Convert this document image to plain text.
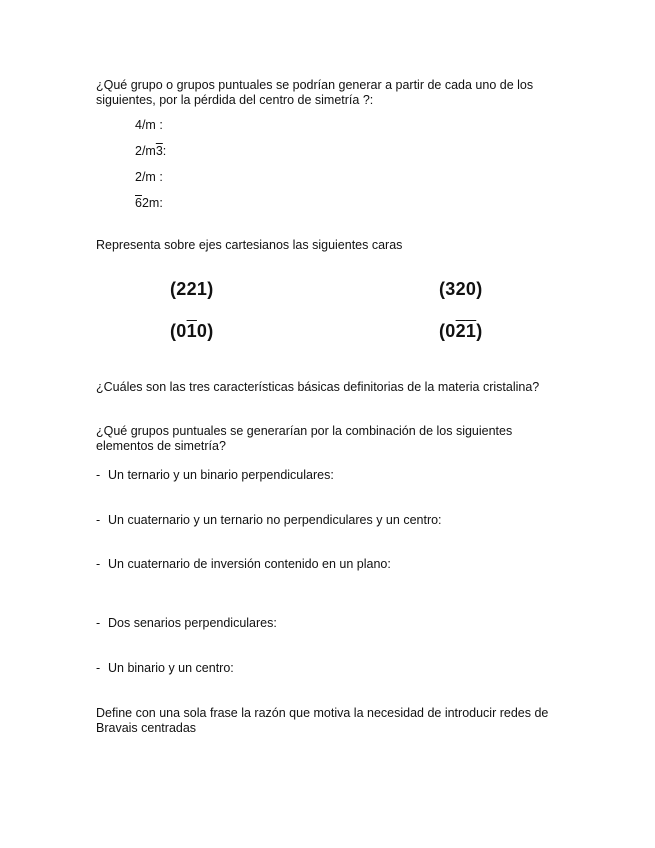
¿Qué grupo o grupos puntuales se podrían generar a partir de cada uno de los siguientes, por la pérdida del centro de simetría ?:
4/m :
2/m3:
2/m :
62m:
Representa sobre ejes cartesianos las siguientes caras
(221)	(320)
(010)	(021)
¿Cuáles son las tres características básicas definitorias de la materia cristalina?
¿Qué grupos puntuales se generarían por la combinación de los siguientes elementos de simetría?
- Un ternario y un binario perpendiculares:
- Un cuaternario y un ternario no perpendiculares y un centro:
- Un cuaternario de inversión contenido en un plano:
- Dos senarios perpendiculares:
- Un binario y un centro:
Define con una sola frase la razón que motiva la necesidad de introducir redes de Bravais centradas
